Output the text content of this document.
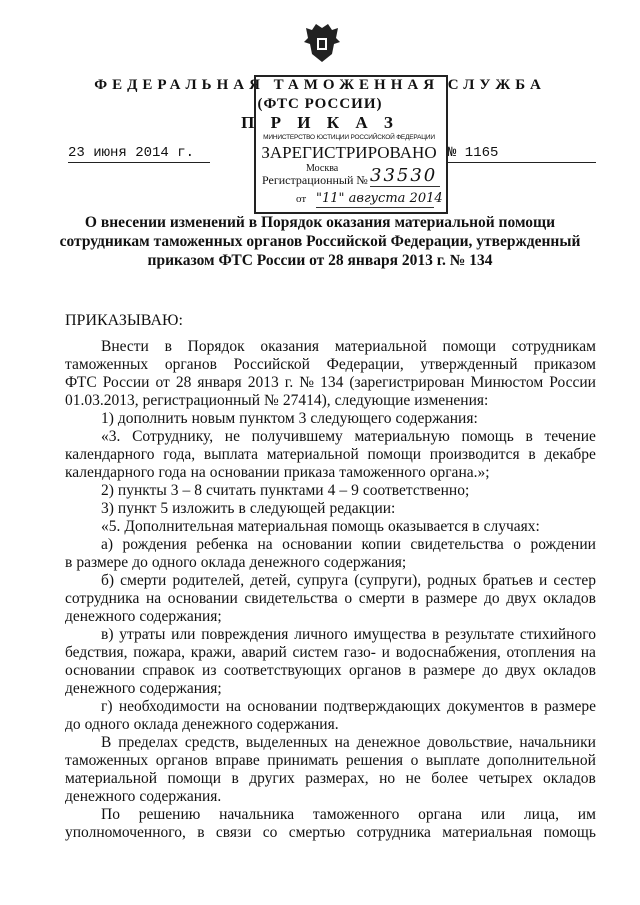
ФЕДЕРАЛЬНАЯ ТАМОЖЕННАЯ СЛУЖБА
(ФТС РОССИИ)
П Р И К А З
23 июня 2014 г.	№ 1165
МИНИСТЕРСТВО ЮСТИЦИИ РОССИЙСКОЙ ФЕДЕРАЦИИ
ЗАРЕГИСТРИРОВАНО
Москва
Регистрационный № 33530
от "11" августа 2014
О внесении изменений в Порядок оказания материальной помощи
сотрудникам таможенных органов Российской Федерации, утвержденный
приказом ФТС России от 28 января 2013 г. № 134
ПРИКАЗЫВАЮ:
Внести в Порядок оказания материальной помощи сотрудникам
таможенных органов Российской Федерации, утвержденный приказом
ФТС России от 28 января 2013 г. № 134 (зарегистрирован Минюстом России
01.03.2013, регистрационный № 27414), следующие изменения:
1) дополнить новым пунктом 3 следующего содержания:
«3. Сотруднику, не получившему материальную помощь в течение
календарного года, выплата материальной помощи производится в декабре
календарного года на основании приказа таможенного органа.»;
2) пункты 3 – 8 считать пунктами 4 – 9 соответственно;
3) пункт 5 изложить в следующей редакции:
«5. Дополнительная материальная помощь оказывается в случаях:
а) рождения ребенка на основании копии свидетельства о рождении
в размере до одного оклада денежного содержания;
б) смерти родителей, детей, супруга (супруги), родных братьев и сестер
сотрудника на основании свидетельства о смерти в размере до двух окладов
денежного содержания;
в) утраты или повреждения личного имущества в результате стихийного
бедствия, пожара, кражи, аварий систем газо- и водоснабжения, отопления на
основании справок из соответствующих органов в размере до двух окладов
денежного содержания;
г) необходимости на основании подтверждающих документов в размере
до одного оклада денежного содержания.
В пределах средств, выделенных на денежное довольствие, начальники
таможенных органов вправе принимать решения о выплате дополнительной
материальной помощи в других размерах, но не более четырех окладов
денежного содержания.
По решению начальника таможенного органа или лица, им
уполномоченного, в связи со смертью сотрудника материальная помощь
